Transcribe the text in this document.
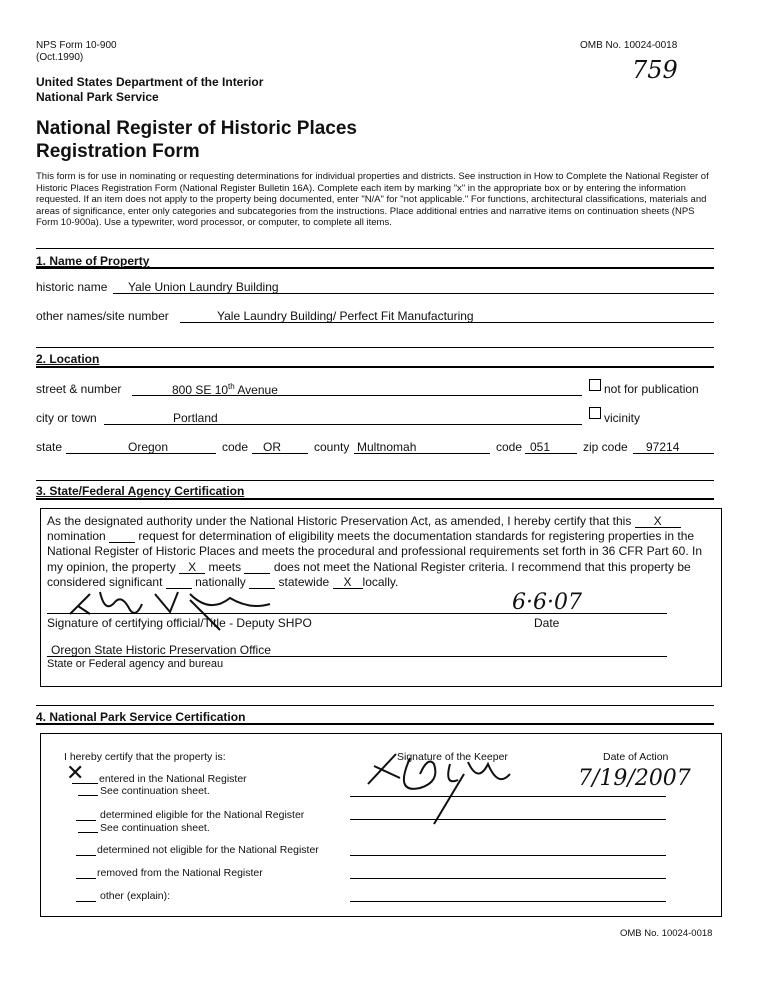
NPS Form 10-900
(Oct.1990)
OMB No. 10024-0018
759
United States Department of the Interior
National Park Service
National Register of Historic Places
Registration Form
This form is for use in nominating or requesting determinations for individual properties and districts. See instruction in How to Complete the National Register of Historic Places Registration Form (National Register Bulletin 16A). Complete each item by marking "x" in the appropriate box or by entering the information requested. If an item does not apply to the property being documented, enter "N/A" for "not applicable." For functions, architectural classifications, materials and areas of significance, enter only categories and subcategories from the instructions. Place additional entries and narrative items on continuation sheets (NPS Form 10-900a). Use a typewriter, word processor, or computer, to complete all items.
1. Name of Property
historic name Yale Union Laundry Building
other names/site number	Yale Laundry Building/ Perfect Fit Manufacturing
2. Location
street & number	800 SE 10th Avenue	not for publication
city or town	Portland	vicinity
state	Oregon	code OR	county Multnomah	code 051	zip code 97214
3. State/Federal Agency Certification
As the designated authority under the National Historic Preservation Act, as amended, I hereby certify that this X nomination	request for determination of eligibility meets the documentation standards for registering properties in the National Register of Historic Places and meets the procedural and professional requirements set forth in 36 CFR Part 60. In my opinion, the property X meets	does not meet the National Register criteria. I recommend that this property be considered significant	nationally	statewide X locally.
Signature of certifying official/Title - Deputy SHPO
6·6·07
Date
Oregon State Historic Preservation Office
State or Federal agency and bureau
4. National Park Service Certification
I hereby certify that the property is:
✕ entered in the National Register
See continuation sheet.
determined eligible for the National Register
See continuation sheet.
determined not eligible for the National Register
removed from the National Register
other (explain):
Signature of the Keeper	Date of Action
7/19/2007
OMB No. 10024-0018
